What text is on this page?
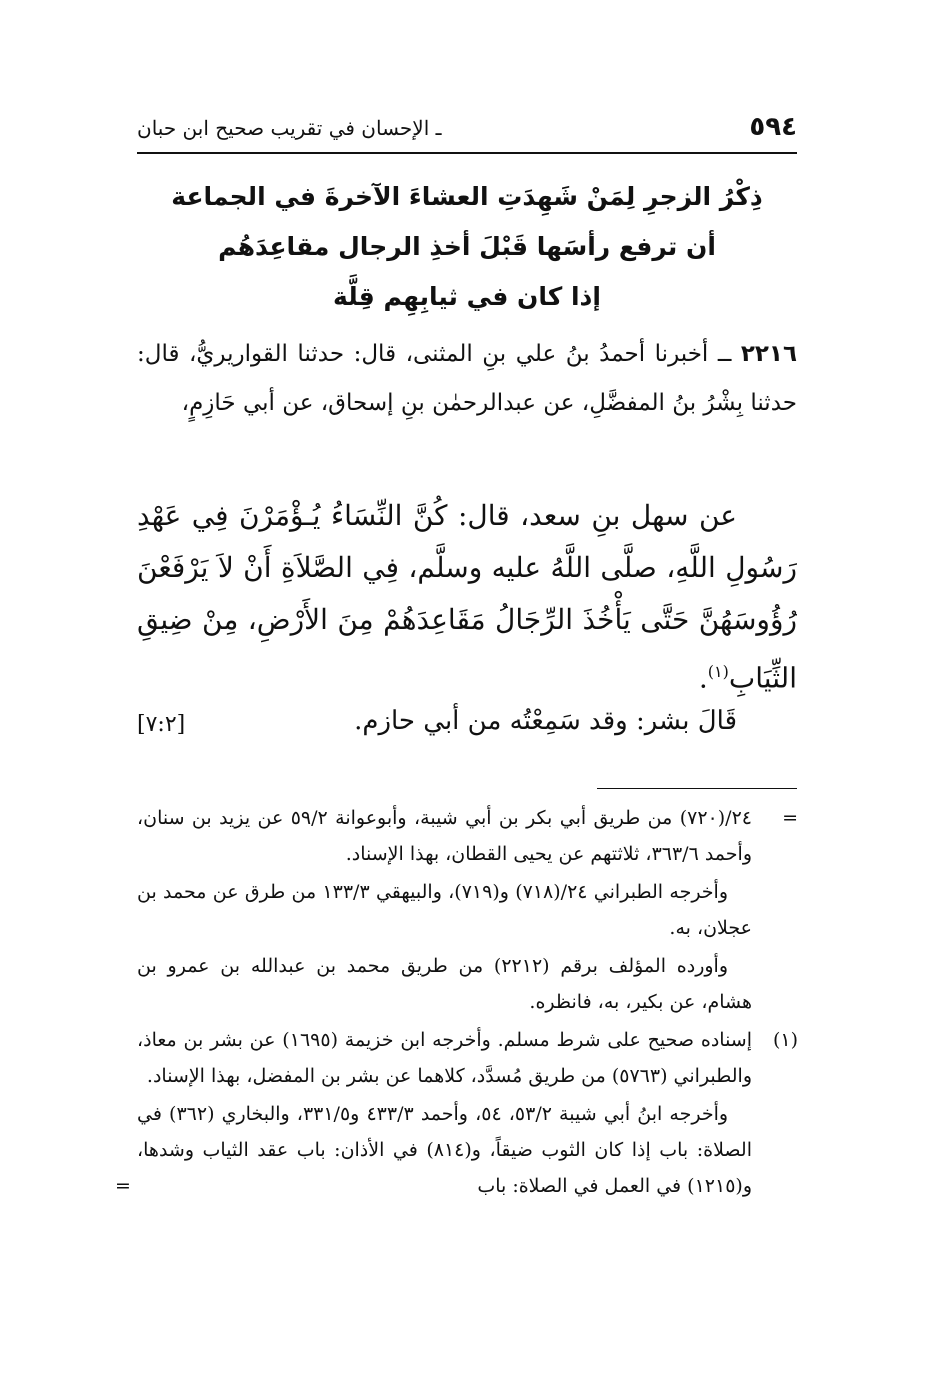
٥٩٤
ـ الإحسان في تقريب صحيح ابن حبان
ذِكْرُ الزجرِ لِمَنْ شَهِدَتِ العشاءَ الآخرةَ في الجماعة
أن ترفع رأسَها قَبْلَ أخذِ الرجال مقاعِدَهُم
إذا كان في ثيابِهِم قِلَّة
٢٢١٦ ــ أخبرنا أحمدُ بنُ علي بنِ المثنى، قال: حدثنا القواريريُّ، قال: حدثنا بِشْرُ بنُ المفضَّلِ، عن عبدالرحمٰن بنِ إسحاق، عن أبي حَازِمٍ،

عن سهل بنِ سعد، قال: كُنَّ النِّسَاءُ يُـؤْمَرْنَ فِي عَهْدِ رَسُولِ اللَّهِ، صلَّى اللَّهُ عليه وسلَّم، فِي الصَّلاَةِ أَنْ لاَ يَرْفَعْنَ رُؤُوسَهُنَّ حَتَّى يَأْخُذَ الرِّجَالُ مَقَاعِدَهُمْ مِنَ الأَرْضِ، مِنْ ضِيقِ الثِّيَابِ$^{(١)}$.

قَالَ بشر: وقد سَمِعْتُه من أبي حازم.
[٧:٢]
=
٢٤/(٧٢٠) من طريق أبي بكر بن أبي شيبة، وأبوعوانة ٥٩/٢ عن يزيد بن سنان، وأحمد ٣٦٣/٦، ثلاثتهم عن يحيى القطان، بهذا الإسناد.
وأخرجه الطبراني ٢٤/(٧١٨) و(٧١٩)، والبيهقي ١٣٣/٣ من طرق عن محمد بن عجلان، به.
وأورده المؤلف برقم (٢٢١٢) من طريق محمد بن عبدالله بن عمرو بن هشام، عن بكير، به، فانظره.
(١)
إسناده صحيح على شرط مسلم. وأخرجه ابن خزيمة (١٦٩٥) عن بشر بن معاذ، والطبراني (٥٧٦٣) من طريق مُسدَّد، كلاهما عن بشر بن المفضل، بهذا الإسناد.
وأخرجه ابنُ أبي شيبة ٥٣/٢، ٥٤، وأحمد ٤٣٣/٣ و٣٣١/٥، والبخاري (٣٦٢) في الصلاة: باب إذا كان الثوب ضيقاً، و(٨١٤) في الأذان: باب عقد الثياب وشدها، و(١٢١٥) في العمل في الصلاة: باب
=
